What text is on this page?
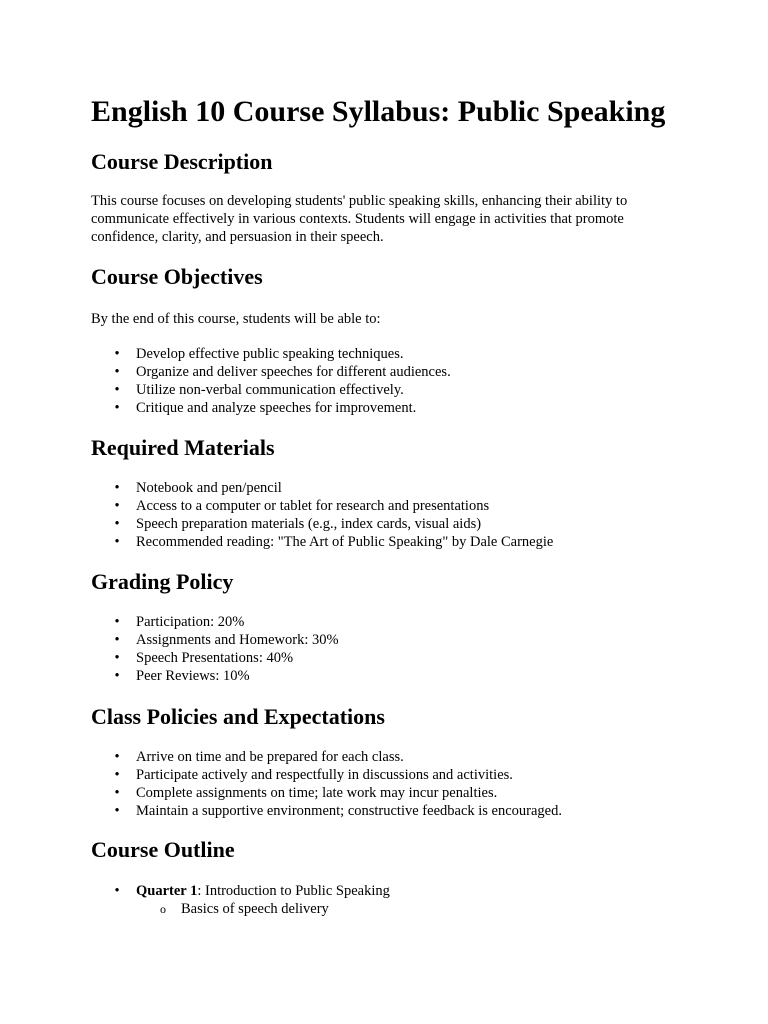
English 10 Course Syllabus: Public Speaking
Course Description

This course focuses on developing students' public speaking skills, enhancing their ability to communicate effectively in various contexts. Students will engage in activities that promote confidence, clarity, and persuasion in their speech.

Course Objectives

By the end of this course, students will be able to:

• Develop effective public speaking techniques.
• Organize and deliver speeches for different audiences.
• Utilize non-verbal communication effectively.
• Critique and analyze speeches for improvement.
Required Materials
• Notebook and pen/pencil
• Access to a computer or tablet for research and presentations
• Speech preparation materials (e.g., index cards, visual aids)
• Recommended reading: "The Art of Public Speaking" by Dale Carnegie
Grading Policy
• Participation: 20%
• Assignments and Homework: 30%
• Speech Presentations: 40%
• Peer Reviews: 10%
Class Policies and Expectations
• Arrive on time and be prepared for each class.
• Participate actively and respectfully in discussions and activities.
• Complete assignments on time; late work may incur penalties.
• Maintain a supportive environment; constructive feedback is encouraged.
Course Outline
• Quarter 1: Introduction to Public Speaking
o Basics of speech delivery
